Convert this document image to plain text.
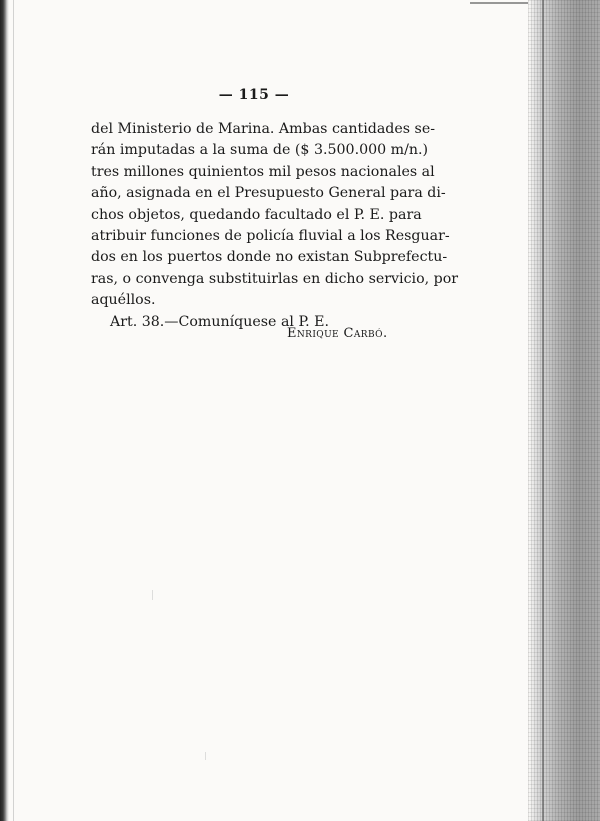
— 115 —
del Ministerio de Marina. Ambas cantidades se-
rán imputadas a la suma de ($ 3.500.000 m/n.)
tres millones quinientos mil pesos nacionales al
año, asignada en el Presupuesto General para di-
chos objetos, quedando facultado el P. E. para
atribuir funciones de policía fluvial a los Resguar-
dos en los puertos donde no existan Subprefectu-
ras, o convenga substituirlas en dicho servicio, por
aquéllos.
Art. 38.—Comuníquese al P. E.
Enrique Carbó.
